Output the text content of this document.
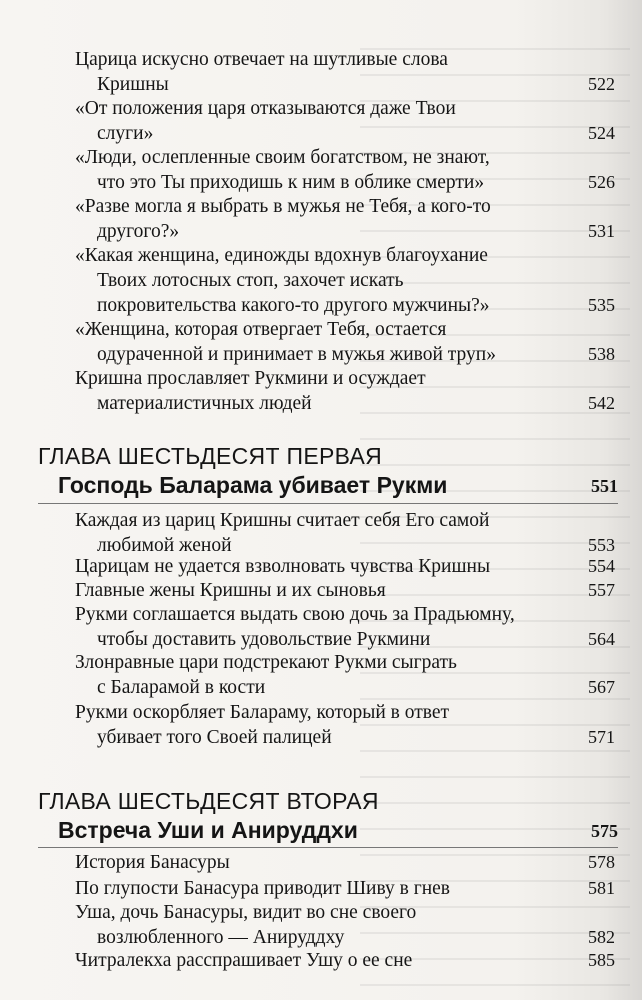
Царица искусно отвечает на шутливые слова
Кришны	522
«От положения царя отказываются даже Твои
слуги»	524
«Люди, ослепленные своим богатством, не знают,
что это Ты приходишь к ним в облике смерти»	526
«Разве могла я выбрать в мужья не Тебя, а кого-то
другого?»	531
«Какая женщина, единожды вдохнув благоухание
Твоих лотосных стоп, захочет искать
покровительства какого-то другого мужчины?»	535
«Женщина, которая отвергает Тебя, остается
одураченной и принимает в мужья живой труп»	538
Кришна прославляет Рукмини и осуждает
материалистичных людей	542
ГЛАВА ШЕСТЬДЕСЯТ ПЕРВАЯ
Господь Баларама убивает Рукми	551
Каждая из цариц Кришны считает себя Его самой
любимой женой	553
Царицам не удается взволновать чувства Кришны	554
Главные жены Кришны и их сыновья	557
Рукми соглашается выдать свою дочь за Прадьюмну,
чтобы доставить удовольствие Рукмини	564
Злонравные цари подстрекают Рукми сыграть
с Баларамой в кости	567
Рукми оскорбляет Балараму, который в ответ
убивает того Своей палицей	571
ГЛАВА ШЕСТЬДЕСЯТ ВТОРАЯ
Встреча Уши и Анируддхи	575
История Банасуры	578
По глупости Банасура приводит Шиву в гнев	581
Уша, дочь Банасуры, видит во сне своего
возлюбленного — Анируддху	582
Читралекха расспрашивает Ушу о ее сне	585
